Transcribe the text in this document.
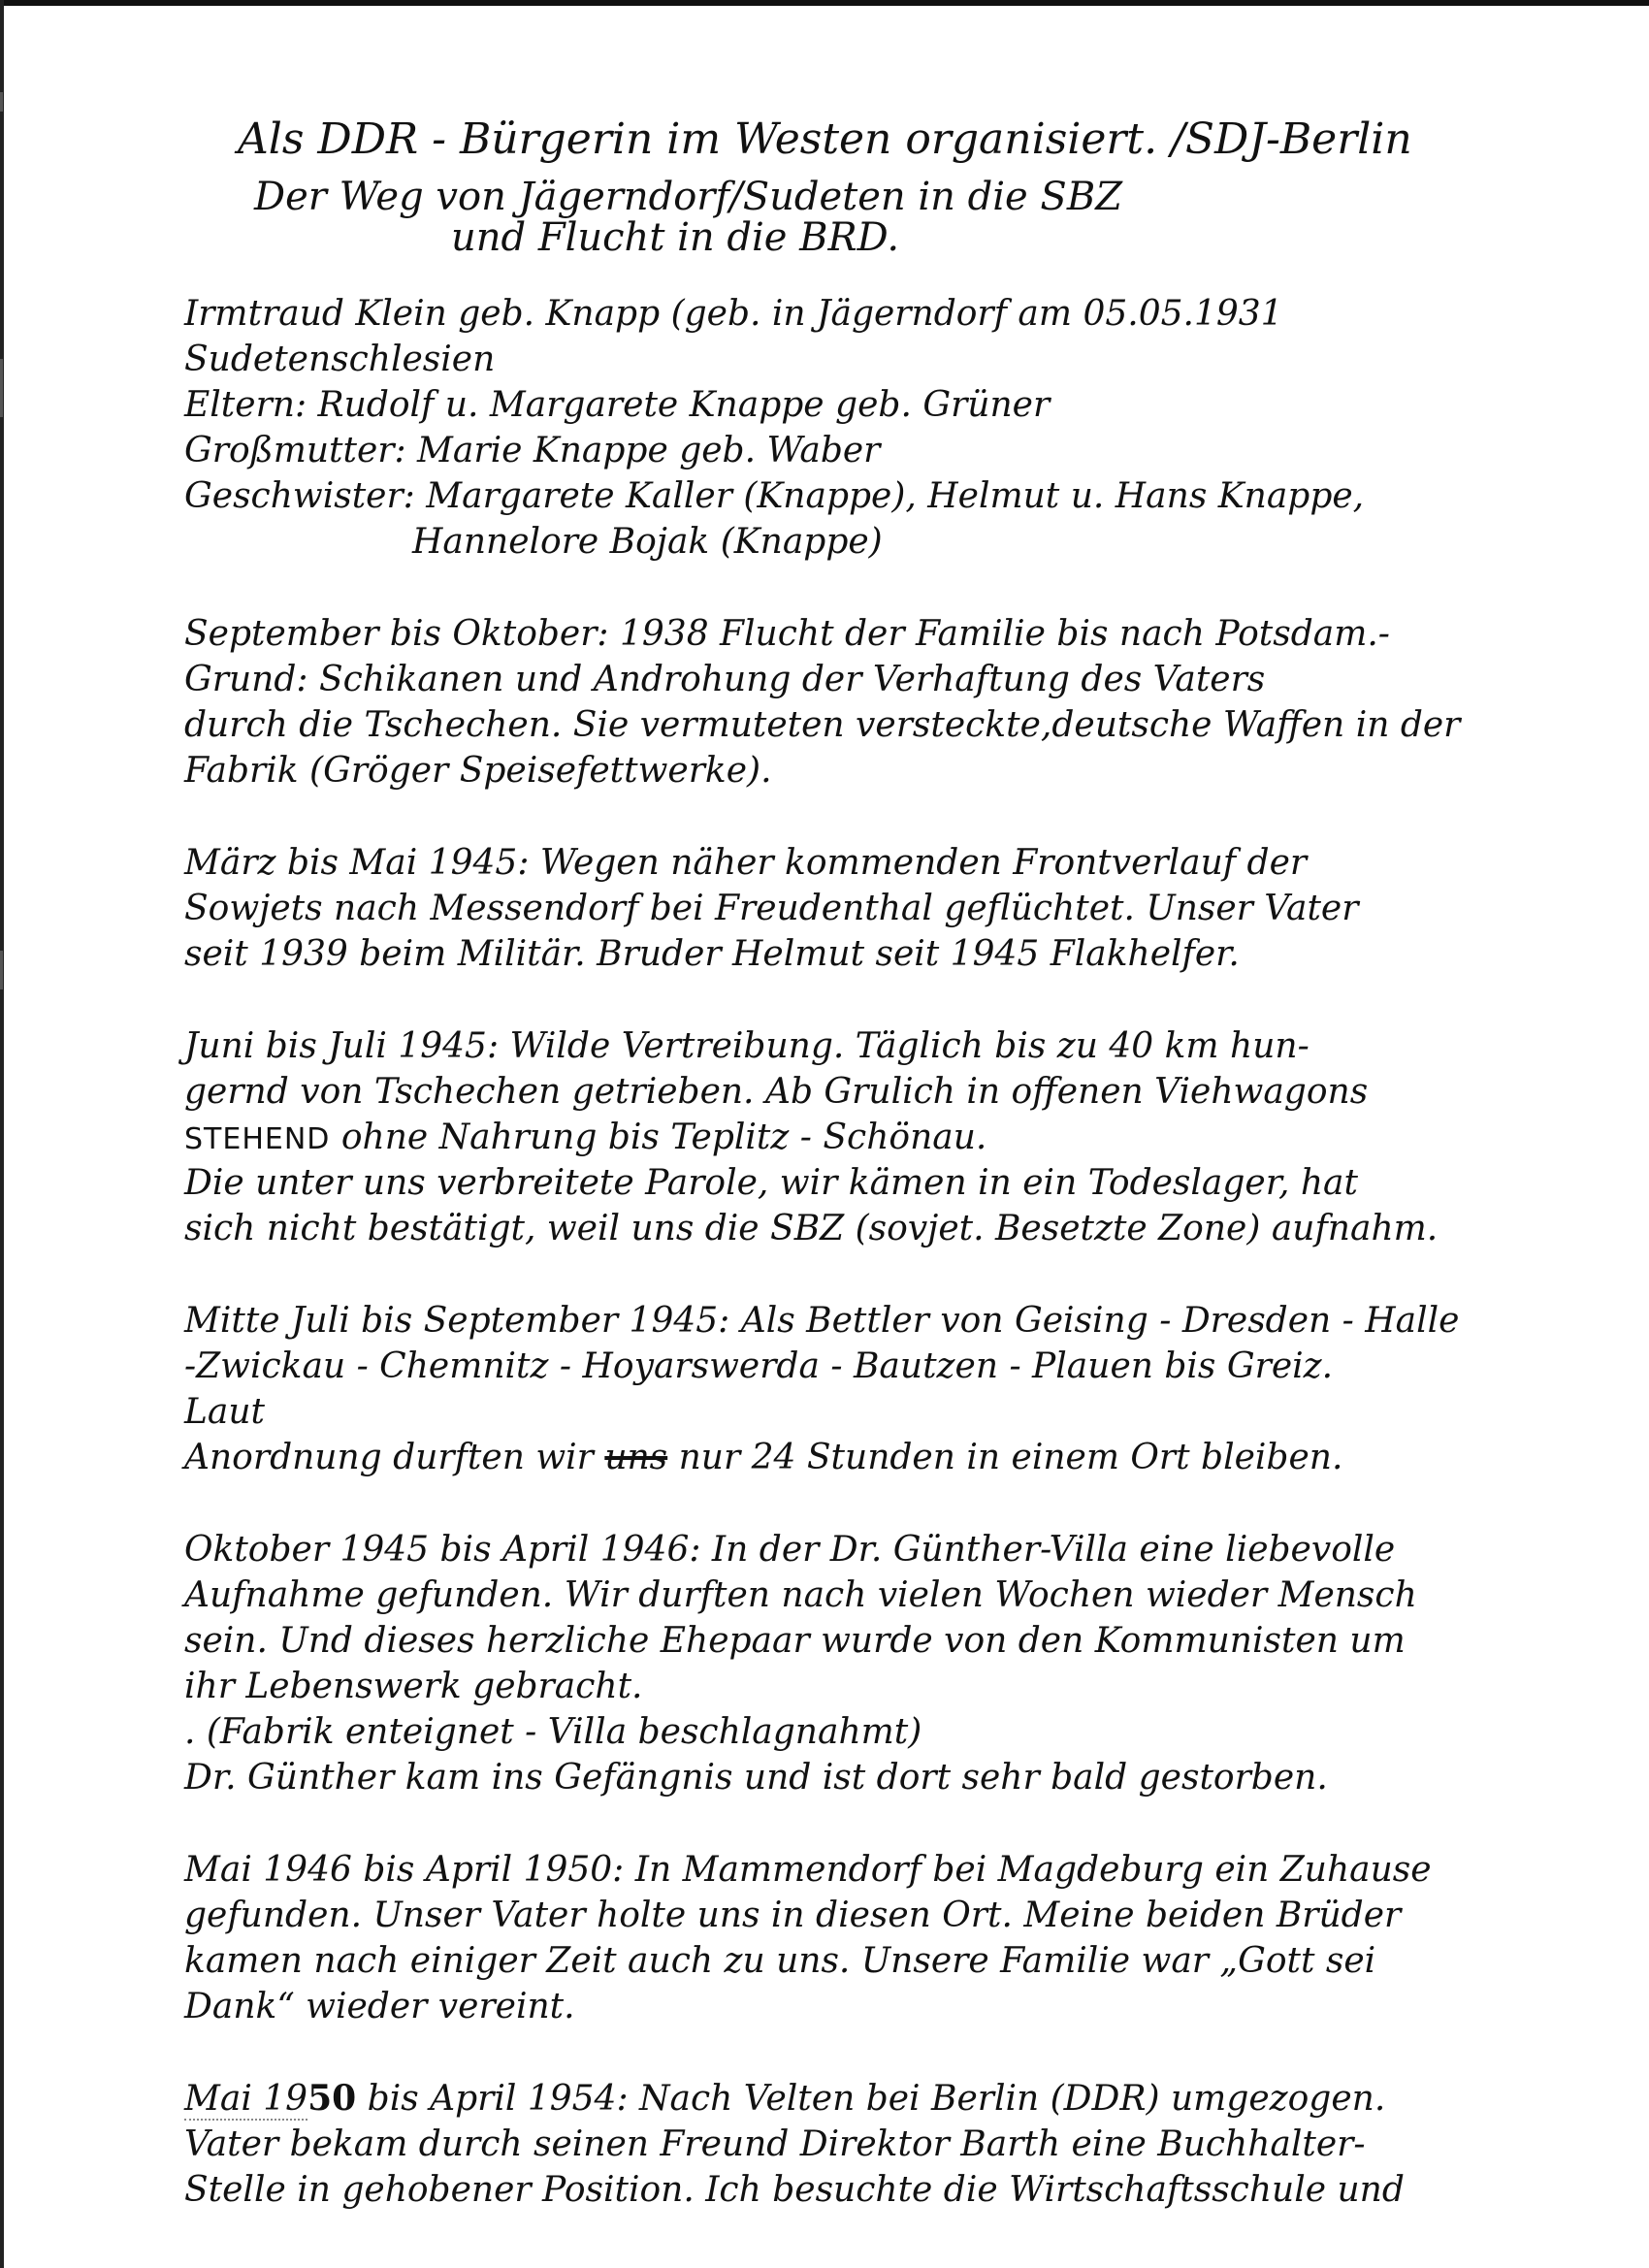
Als DDR - Bürgerin im Westen organisiert. /SDJ-Berlin
Der Weg von Jägerndorf/Sudeten in die SBZ
und Flucht in die BRD.
Irmtraud Klein geb. Knapp (geb. in Jägerndorf am 05.05.1931
Sudetenschlesien
Eltern: Rudolf u. Margarete Knappe geb. Grüner
Großmutter: Marie Knappe geb. Waber
Geschwister: Margarete Kaller (Knappe), Helmut u. Hans Knappe,
Hannelore Bojak (Knappe)
September bis Oktober: 1938 Flucht der Familie bis nach Potsdam.-
Grund: Schikanen und Androhung der Verhaftung des Vaters
durch die Tschechen. Sie vermuteten versteckte,deutsche Waffen in der
Fabrik (Gröger Speisefettwerke).
März bis Mai 1945: Wegen näher kommenden Frontverlauf der
Sowjets nach Messendorf bei Freudenthal geflüchtet. Unser Vater
seit 1939 beim Militär. Bruder Helmut seit 1945 Flakhelfer.
Juni bis Juli 1945: Wilde Vertreibung. Täglich bis zu 40 km hun-
gernd von Tschechen getrieben. Ab Grulich in offenen Viehwagons
STEHEND ohne Nahrung bis Teplitz - Schönau.
Die unter uns verbreitete Parole, wir kämen in ein Todeslager, hat
sich nicht bestätigt, weil uns die SBZ (sovjet. Besetzte Zone) aufnahm.
Mitte Juli bis September 1945: Als Bettler von Geising - Dresden - Halle
-Zwickau - Chemnitz - Hoyarswerda - Bautzen - Plauen bis Greiz.
Laut
Anordnung durften wir uns nur 24 Stunden in einem Ort bleiben.
Oktober 1945 bis April 1946: In der Dr. Günther-Villa eine liebevolle
Aufnahme gefunden. Wir durften nach vielen Wochen wieder Mensch
sein. Und dieses herzliche Ehepaar wurde von den Kommunisten um
ihr Lebenswerk gebracht.
. (Fabrik enteignet - Villa beschlagnahmt)
Dr. Günther kam ins Gefängnis und ist dort sehr bald gestorben.
Mai 1946 bis April 1950: In Mammendorf bei Magdeburg ein Zuhause
gefunden. Unser Vater holte uns in diesen Ort. Meine beiden Brüder
kamen nach einiger Zeit auch zu uns. Unsere Familie war „Gott sei
Dank“ wieder vereint.
Mai 1950 bis April 1954: Nach Velten bei Berlin (DDR) umgezogen.
Vater bekam durch seinen Freund Direktor Barth eine Buchhalter-
Stelle in gehobener Position. Ich besuchte die Wirtschaftsschule und
